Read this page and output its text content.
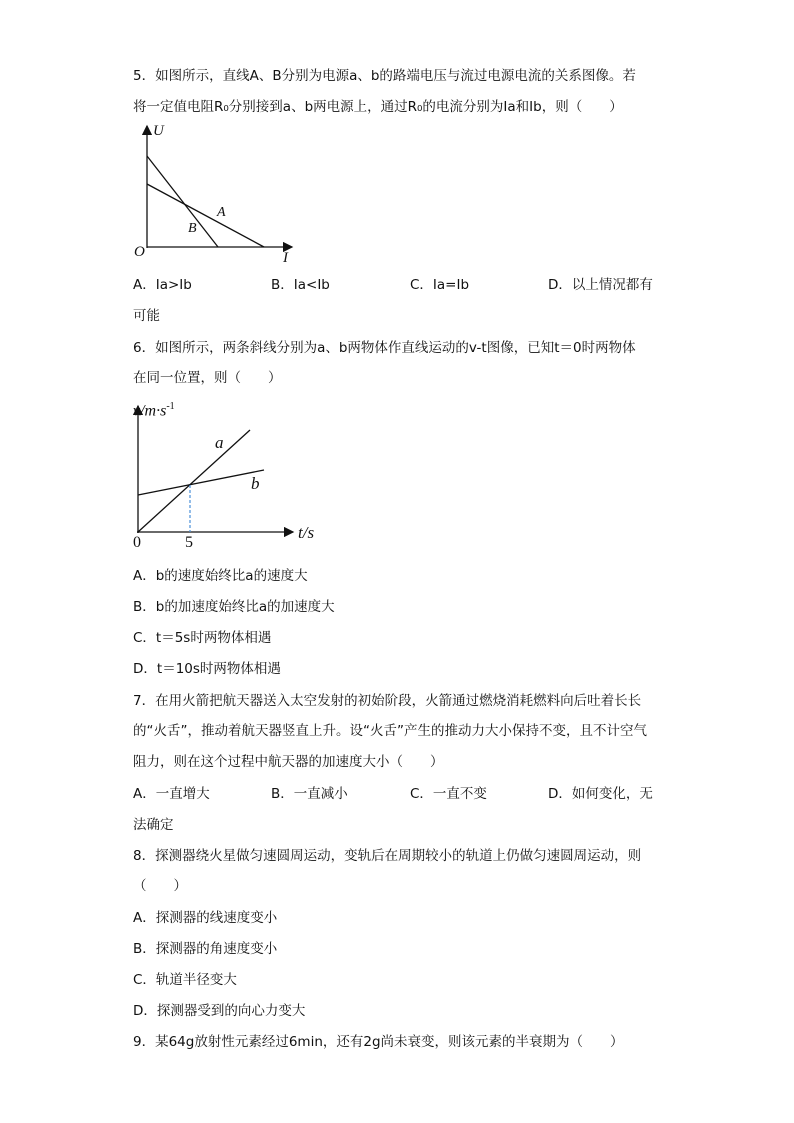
5．如图所示，直线A、B分别为电源a、b的路端电压与流过电源电流的关系图像。若
将一定值电阻R₀分别接到a、b两电源上，通过R₀的电流分别为Ia和Ib，则（　　）
U
I
O
A
B
A．Ia>Ib	B．Ia<Ib	C．Ia=Ib	D．以上情况都有
可能
6．如图所示，两条斜线分别为a、b两物体作直线运动的v-t图像，已知t＝0时两物体
在同一位置，则（　　）
$v/m\cdot s^{-1}$
t/s
0	5
a
b
A．b的速度始终比a的速度大
B．b的加速度始终比a的加速度大
C．t＝5s时两物体相遇
D．t＝10s时两物体相遇
7．在用火箭把航天器送入太空发射的初始阶段，火箭通过燃烧消耗燃料向后吐着长长
的“火舌”，推动着航天器竖直上升。设“火舌”产生的推动力大小保持不变，且不计空气
阻力，则在这个过程中航天器的加速度大小（　　）
A．一直增大	B．一直减小	C．一直不变	D．如何变化，无
法确定
8．探测器绕火星做匀速圆周运动，变轨后在周期较小的轨道上仍做匀速圆周运动，则
（　　）
A．探测器的线速度变小
B．探测器的角速度变小
C．轨道半径变大
D．探测器受到的向心力变大
9．某64g放射性元素经过6min，还有2g尚未衰变，则该元素的半衰期为（　　）
